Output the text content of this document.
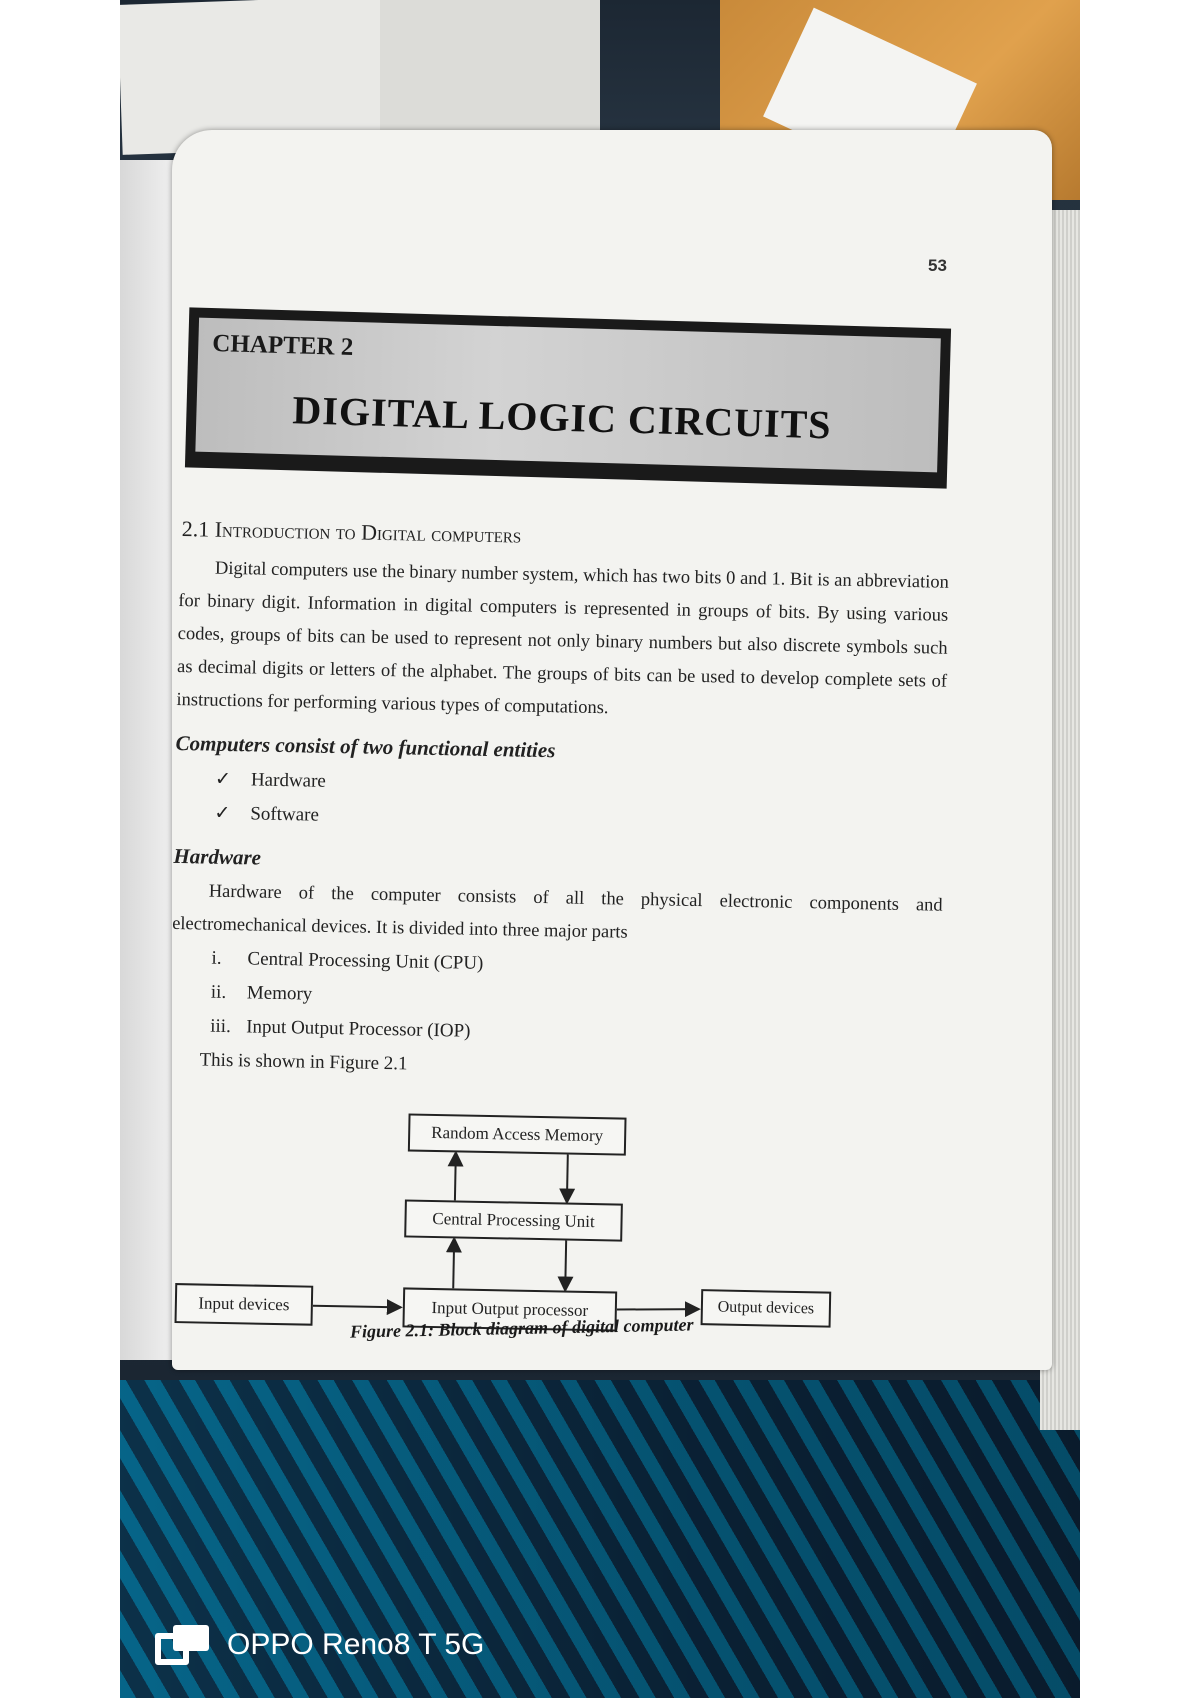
53
CHAPTER 2
DIGITAL LOGIC CIRCUITS
2.1 Introduction to Digital computers

Digital computers use the binary number system, which has two bits 0 and 1. Bit is an abbreviation for binary digit. Information in digital computers is represented in groups of bits. By using various codes, groups of bits can be used to represent not only binary numbers but also discrete symbols such as decimal digits or letters of the alphabet. The groups of bits can be used to develop complete sets of instructions for performing various types of computations.

Computers consist of two functional entities
✓	Hardware
✓	Software
Hardware

Hardware of the computer consists of all the physical electronic components and electromechanical devices. It is divided into three major parts

i.	Central Processing Unit (CPU)
ii.	Memory
iii. Input Output Processor (IOP)
This is shown in Figure 2.1
Random Access Memory
Central Processing Unit
Input devices	Input Output processor	Output devices
Figure 2.1: Block diagram of digital computer
OPPO Reno8 T 5G
